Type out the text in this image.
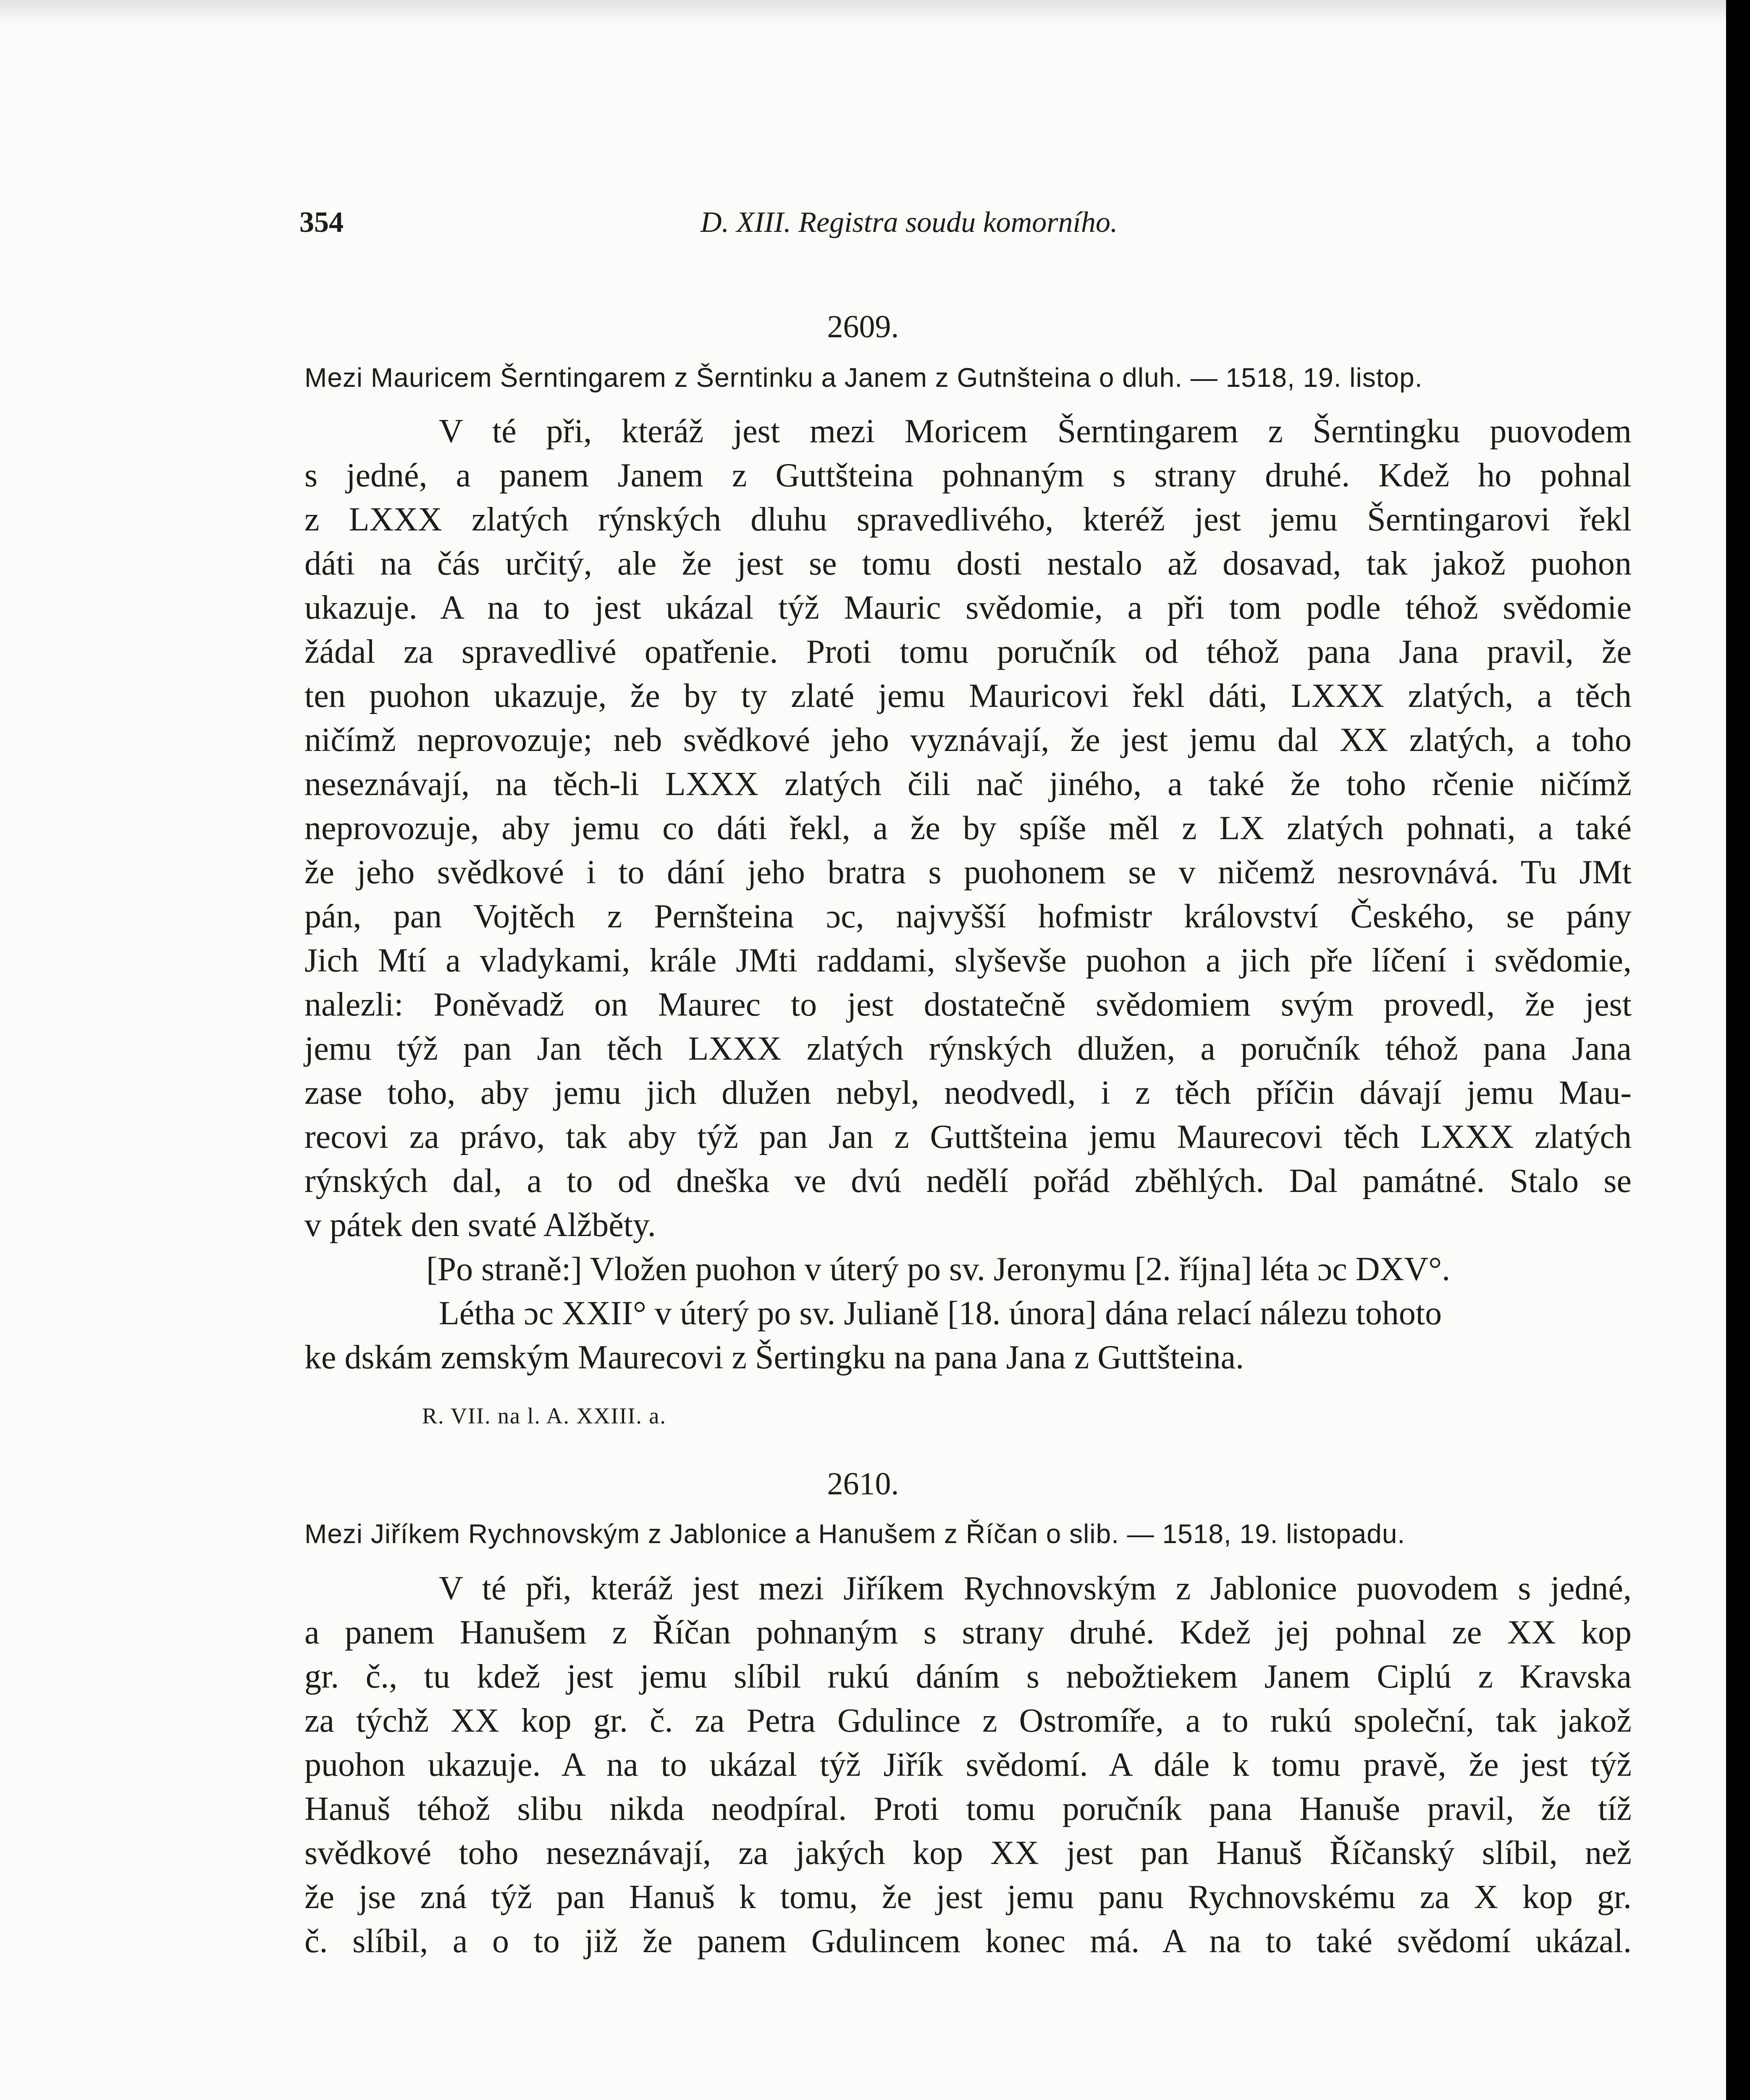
354	D. XIII. Registra soudu komorního.
2609.
Mezi Mauricem Šerntingarem z Šerntinku a Janem z Gutnšteina o dluh. — 1518, 19. listop.
V té při, kteráž jest mezi Moricem Šerntingarem z Šerntingku puovodem
s jedné, a panem Janem z Guttšteina pohnaným s strany druhé. Kdež ho pohnal
z LXXX zlatých rýnských dluhu spravedlivého, kteréž jest jemu Šerntingarovi řekl
dáti na čás určitý, ale že jest se tomu dosti nestalo až dosavad, tak jakož puohon
ukazuje. A na to jest ukázal týž Mauric svědomie, a při tom podle téhož svědomie
žádal za spravedlivé opatřenie. Proti tomu poručník od téhož pana Jana pravil, že
ten puohon ukazuje, že by ty zlaté jemu Mauricovi řekl dáti, LXXX zlatých, a těch
ničímž neprovozuje; neb svědkové jeho vyznávají, že jest jemu dal XX zlatých, a toho
neseznávají, na těch-li LXXX zlatých čili nač jiného, a také že toho rčenie ničímž
neprovozuje, aby jemu co dáti řekl, a že by spíše měl z LX zlatých pohnati, a také
že jeho svědkové i to dání jeho bratra s puohonem se v ničemž nesrovnává. Tu JMt
pán, pan Vojtěch z Pernšteina ɔc, najvyšší hofmistr království Českého, se pány
Jich Mtí a vladykami, krále JMti raddami, slyševše puohon a jich pře líčení i svědomie,
nalezli: Poněvadž on Maurec to jest dostatečně svědomiem svým provedl, že jest
jemu týž pan Jan těch LXXX zlatých rýnských dlužen, a poručník téhož pana Jana
zase toho, aby jemu jich dlužen nebyl, neodvedl, i z těch příčin dávají jemu Mau-
recovi za právo, tak aby týž pan Jan z Guttšteina jemu Maurecovi těch LXXX zlatých
rýnských dal, a to od dneška ve dvú nedělí pořád zběhlých. Dal památné. Stalo se
v pátek den svaté Alžběty.
[Po straně:] Vložen puohon v úterý po sv. Jeronymu [2. října] léta ɔc DXV°.
Létha ɔc XXII° v úterý po sv. Julianě [18. února] dána relací nálezu tohoto
ke dskám zemským Maurecovi z Šertingku na pana Jana z Guttšteina.
R. VII. na l. A. XXIII. a.
2610.
Mezi Jiříkem Rychnovským z Jablonice a Hanušem z Říčan o slib. — 1518, 19. listopadu.
V té při, kteráž jest mezi Jiříkem Rychnovským z Jablonice puovodem s jedné,
a panem Hanušem z Říčan pohnaným s strany druhé. Kdež jej pohnal ze XX kop
gr. č., tu kdež jest jemu slíbil rukú dáním s nebožtiekem Janem Ciplú z Kravska
za týchž XX kop gr. č. za Petra Gdulince z Ostromíře, a to rukú společní, tak jakož
puohon ukazuje. A na to ukázal týž Jiřík svědomí. A dále k tomu pravě, že jest týž
Hanuš téhož slibu nikda neodpíral. Proti tomu poručník pana Hanuše pravil, že tíž
svědkové toho neseznávají, za jakých kop XX jest pan Hanuš Říčanský slíbil, než
že jse zná týž pan Hanuš k tomu, že jest jemu panu Rychnovskému za X kop gr.
č. slíbil, a o to již že panem Gdulincem konec má. A na to také svědomí ukázal.
